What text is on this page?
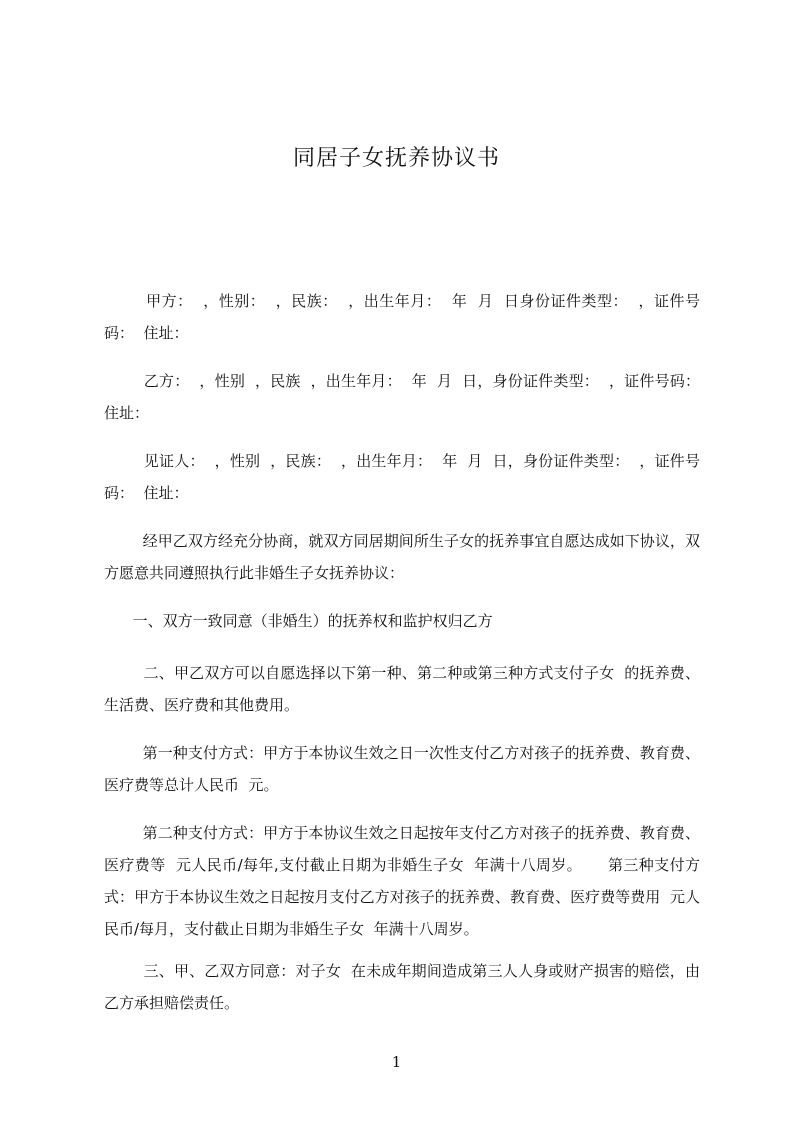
同居子女抚养协议书
甲方：  ，性别：  ，民族：  ，出生年月：  年  月  日身份证件类型：  ，证件号码：  住址：
乙方：  ，性别  ，民族  ，出生年月：  年  月  日，身份证件类型：  ，证件号码：住址：
见证人：  ，性别  ，民族：  ，出生年月：  年  月  日，身份证件类型：  ，证件号码：  住址：
经甲乙双方经充分协商，就双方同居期间所生子女的抚养事宜自愿达成如下协议，双方愿意共同遵照执行此非婚生子女抚养协议：
一、双方一致同意（非婚生）的抚养权和监护权归乙方
二、甲乙双方可以自愿选择以下第一种、第二种或第三种方式支付子女  的抚养费、生活费、医疗费和其他费用。
第一种支付方式：甲方于本协议生效之日一次性支付乙方对孩子的抚养费、教育费、医疗费等总计人民币  元。
第二种支付方式：甲方于本协议生效之日起按年支付乙方对孩子的抚养费、教育费、医疗费等  元人民币/每年,支付截止日期为非婚生子女  年满十八周岁。     第三种支付方式：甲方于本协议生效之日起按月支付乙方对孩子的抚养费、教育费、医疗费等费用  元人民币/每月，支付截止日期为非婚生子女  年满十八周岁。
三、甲、乙双方同意：对子女  在未成年期间造成第三人人身或财产损害的赔偿，由乙方承担赔偿责任。
1
